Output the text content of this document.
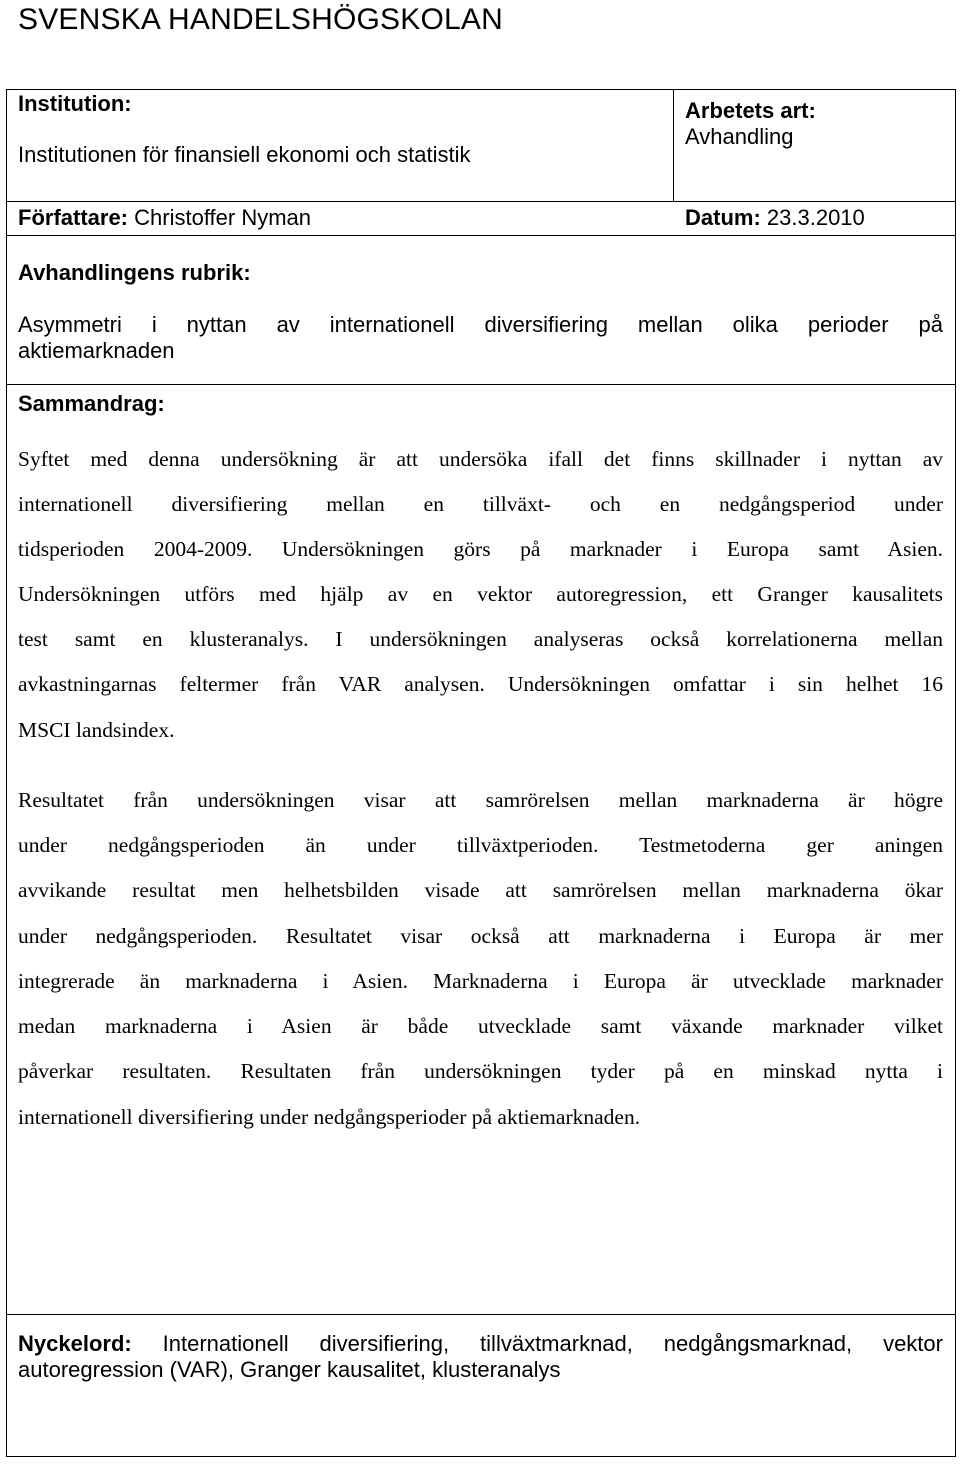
SVENSKA HANDELSHÖGSKOLAN
Institution:
Institutionen för finansiell ekonomi och statistik
Arbetets art:
Avhandling
Författare: Christoffer Nyman	Datum: 23.3.2010
Avhandlingens rubrik:
Asymmetri i nyttan av internationell diversifiering mellan olika perioder på
aktiemarknaden
Sammandrag:
Syftet med denna undersökning är att undersöka ifall det finns skillnader i nyttan av
internationell diversifiering mellan en tillväxt- och en nedgångsperiod under
tidsperioden 2004-2009. Undersökningen görs på marknader i Europa samt Asien.
Undersökningen utförs med hjälp av en vektor autoregression, ett Granger kausalitets
test samt en klusteranalys. I undersökningen analyseras också korrelationerna mellan
avkastningarnas feltermer från VAR analysen. Undersökningen omfattar i sin helhet 16
MSCI landsindex.
Resultatet från undersökningen visar att samrörelsen mellan marknaderna är högre
under nedgångsperioden än under tillväxtperioden. Testmetoderna ger aningen
avvikande resultat men helhetsbilden visade att samrörelsen mellan marknaderna ökar
under nedgångsperioden. Resultatet visar också att marknaderna i Europa är mer
integrerade än marknaderna i Asien. Marknaderna i Europa är utvecklade marknader
medan marknaderna i Asien är både utvecklade samt växande marknader vilket
påverkar resultaten. Resultaten från undersökningen tyder på en minskad nytta i
internationell diversifiering under nedgångsperioder på aktiemarknaden.
Nyckelord: Internationell diversifiering, tillväxtmarknad, nedgångsmarknad, vektor
autoregression (VAR), Granger kausalitet, klusteranalys
